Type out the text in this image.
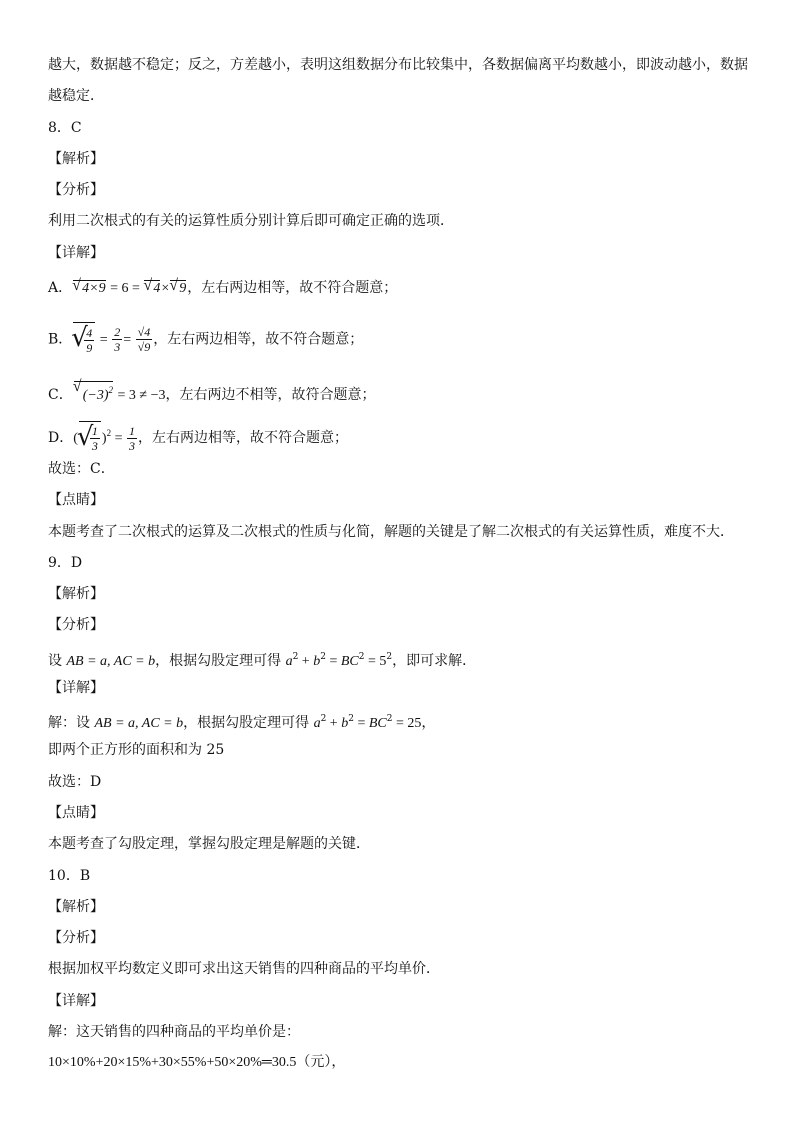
越大，数据越不稳定；反之，方差越小，表明这组数据分布比较集中，各数据偏离平均数越小，即波动越小，数据
越稳定．
8．C
【解析】
【分析】
利用二次根式的有关的运算性质分别计算后即可确定正确的选项．
【详解】
A． √ 4×9 = 6 = √ 4× √ 9，左右两边相等，故不符合题意；
B． √ $\frac{4}{9} = \frac{2}{3} = \frac{√4}{√9}$ ，左右两边相等，故不符合题意；
C． √ $(-3)^2 = 3 \ne -3$，左右两边不相等，故符合题意；
D．( √ $\frac{1}{3} )^2 = \frac{1}{3}$ ，左右两边相等，故不符合题意；
故选：C．
【点睛】
本题考查了二次根式的运算及二次根式的性质与化简，解题的关键是了解二次根式的有关运算性质，难度不大．
9．D
【解析】
【分析】
设 AB = a, AC = b，根据勾股定理可得 $a^2 + b^2 = BC^2 = 5^2$，即可求解．
【详解】
解：设 AB = a, AC = b，根据勾股定理可得 $a^2 + b^2 = BC^2 = 25$，
即两个正方形的面积和为 25
故选：D
【点睛】
本题考查了勾股定理，掌握勾股定理是解题的关键．
10．B
【解析】
【分析】
根据加权平均数定义即可求出这天销售的四种商品的平均单价．
【详解】
解：这天销售的四种商品的平均单价是：
10×10%+20×15%+30×55%+50×20%═30.5（元），
